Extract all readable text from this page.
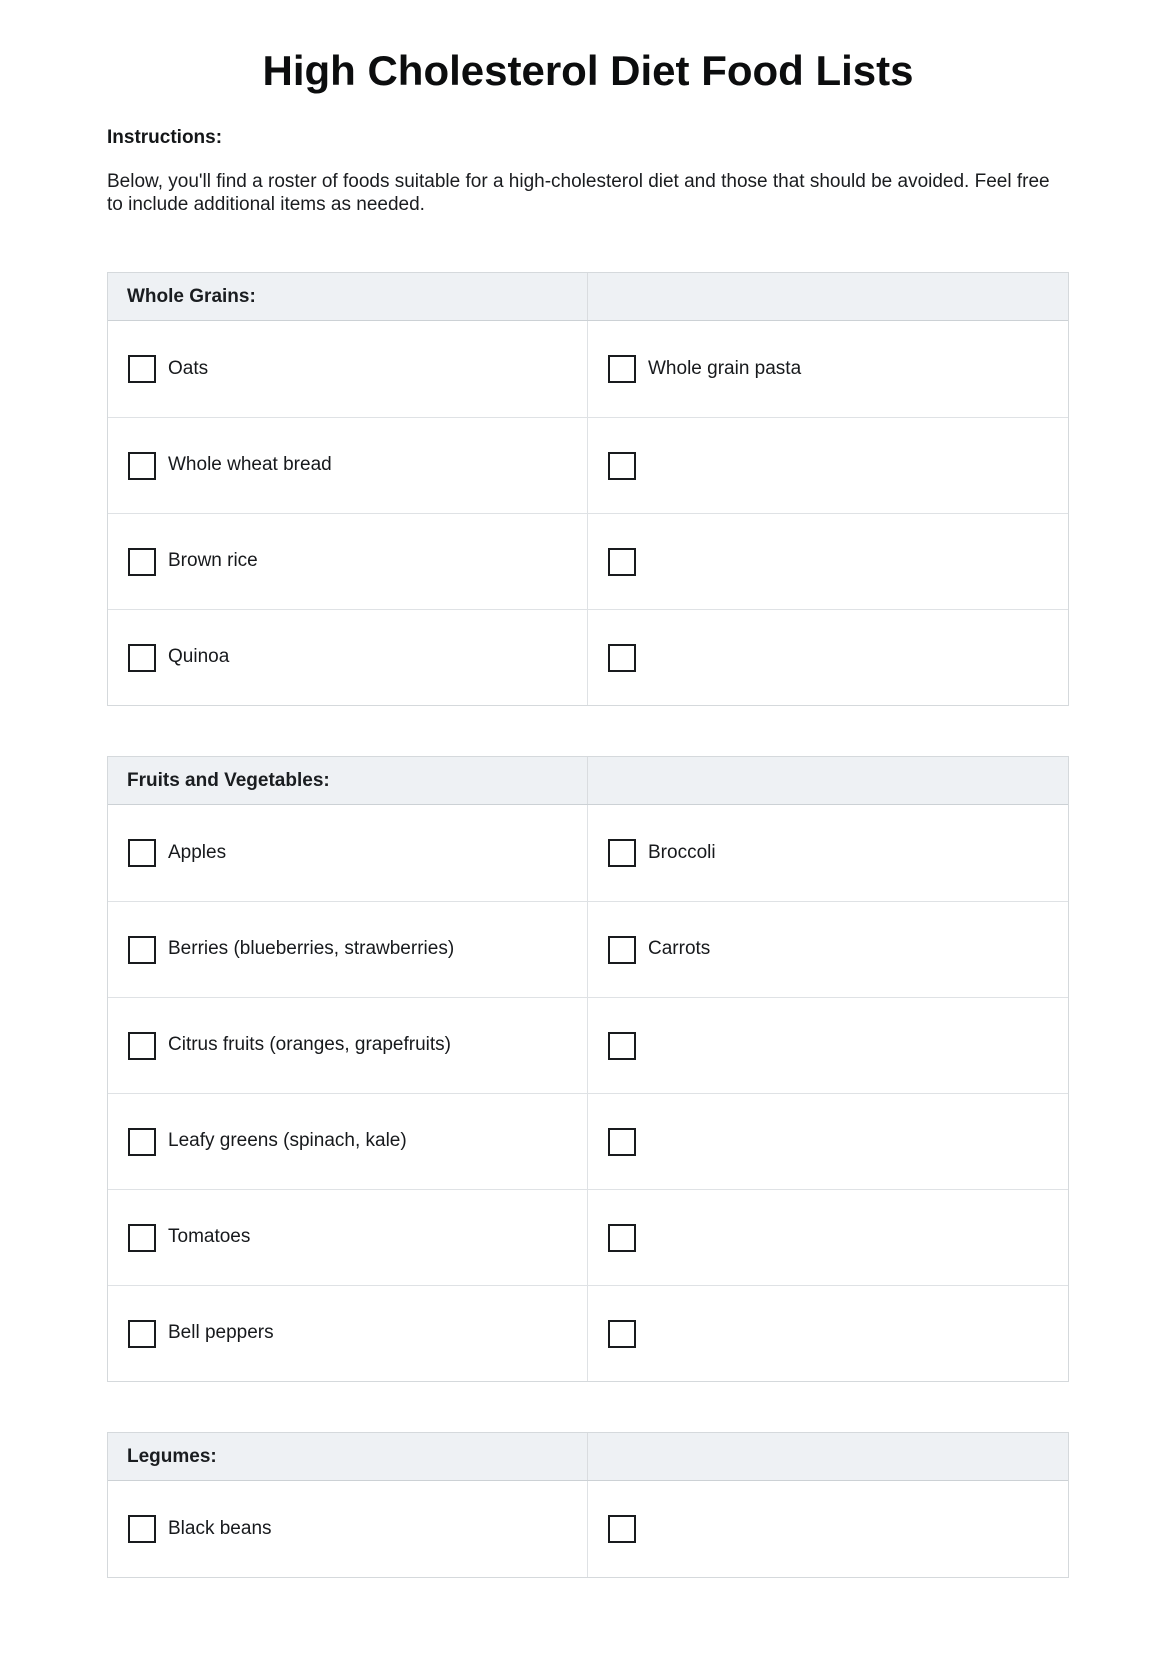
High Cholesterol Diet Food Lists
Instructions:

Below, you'll find a roster of foods suitable for a high-cholesterol diet and those that should be avoided. Feel free to include additional items as needed.

Whole Grains:
Oats	Whole grain pasta
Whole wheat bread
Brown rice
Quinoa
Fruits and Vegetables:
Apples	Broccoli
Berries (blueberries, strawberries)	Carrots
Citrus fruits (oranges, grapefruits)
Leafy greens (spinach, kale)
Tomatoes
Bell peppers
Legumes:
Black beans
